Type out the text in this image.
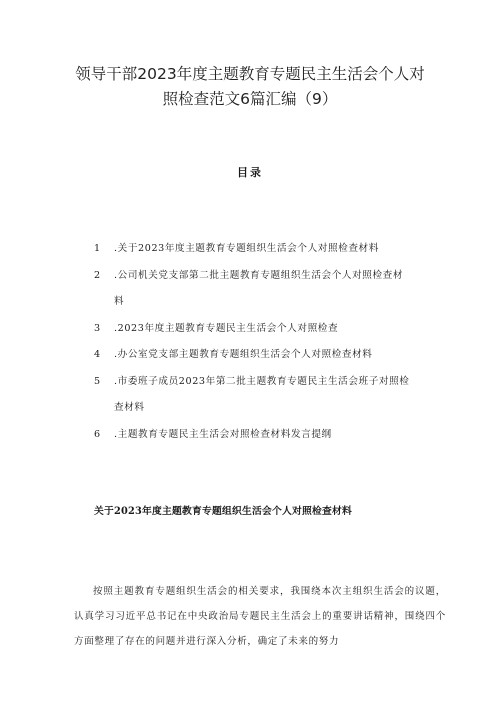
领导干部2023年度主题教育专题民主生活会个人对
照检查范文6篇汇编（9）
目录
1 .关于2023年度主题教育专题组织生活会个人对照检查材料
2 .公司机关党支部第二批主题教育专题组织生活会个人对照检查材
料
3 .2023年度主题教育专题民主生活会个人对照检查
4 .办公室党支部主题教育专题组织生活会个人对照检查材料
5 .市委班子成员2023年第二批主题教育专题民主生活会班子对照检
查材料
6 .主题教育专题民主生活会对照检查材料发言提纲
关于2023年度主题教育专题组织生活会个人对照检查材料

按照主题教育专题组织生活会的相关要求，我围绕本次主组织生活会的议题，认真学习习近平总书记在中央政治局专题民主生活会上的重要讲话精神，围绕四个方面整理了存在的问题并进行深入分析，确定了未来的努力
